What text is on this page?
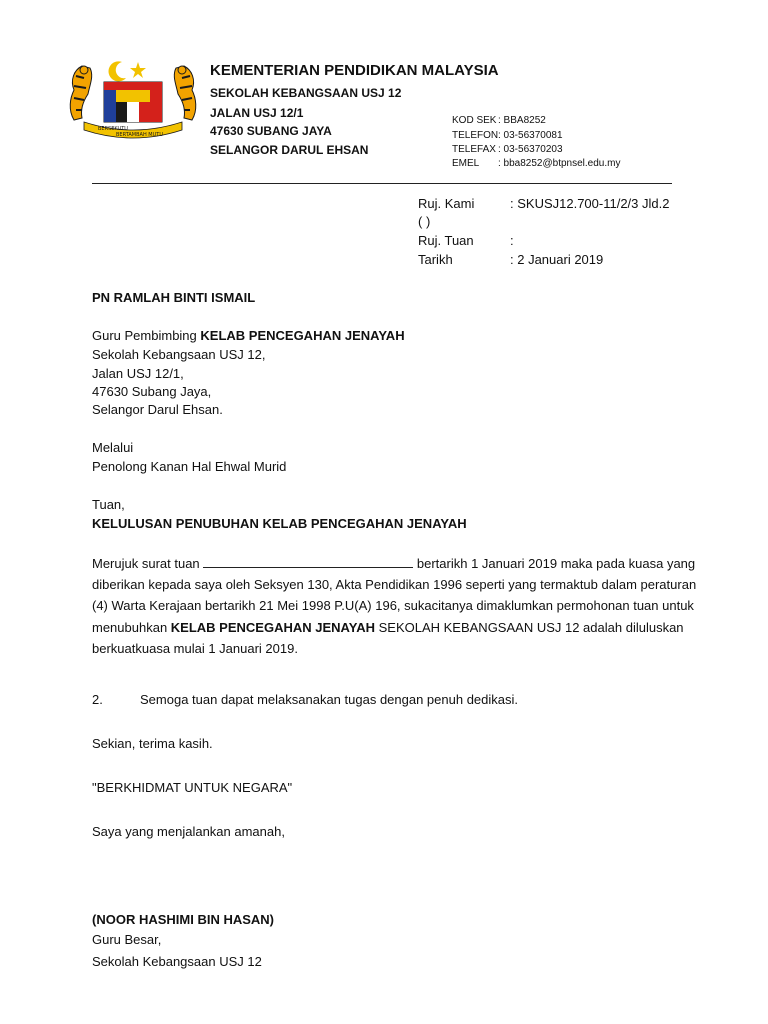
BERSEKUTU
BERTAMBAH MUTU
KEMENTERIAN PENDIDIKAN MALAYSIA
SEKOLAH KEBANGSAAN USJ 12
JALAN USJ 12/1
47630 SUBANG JAYA
SELANGOR DARUL EHSAN
KOD SEK : BBA8252
TELEFON : 03-56370081
TELEFAX : 03-56370203
EMEL : bba8252@btpnsel.edu.my
Ruj. Kami	: SKUSJ12.700-11/2/3 Jld.2
( )
Ruj. Tuan	:
Tarikh	: 2 Januari 2019
PN RAMLAH BINTI ISMAIL
Guru Pembimbing KELAB PENCEGAHAN JENAYAH
Sekolah Kebangsaan USJ 12,
Jalan USJ 12/1,
47630 Subang Jaya,
Selangor Darul Ehsan.
Melalui
Penolong Kanan Hal Ehwal Murid
Tuan,
KELULUSAN PENUBUHAN KELAB PENCEGAHAN JENAYAH
Merujuk surat tuan	bertarikh 1 Januari 2019 maka pada kuasa yang diberikan kepada saya oleh Seksyen 130, Akta Pendidikan 1996 seperti yang termaktub dalam peraturan (4) Warta Kerajaan bertarikh 21 Mei 1998 P.U(A) 196, sukacitanya dimaklumkan permohonan tuan untuk menubuhkan KELAB PENCEGAHAN JENAYAH SEKOLAH KEBANGSAAN USJ 12 adalah diluluskan berkuatkuasa mulai 1 Januari 2019.
2.	Semoga tuan dapat melaksanakan tugas dengan penuh dedikasi.
Sekian, terima kasih.
"BERKHIDMAT UNTUK NEGARA"
Saya yang menjalankan amanah,
(NOOR HASHIMI BIN HASAN)
Guru Besar,
Sekolah Kebangsaan USJ 12
